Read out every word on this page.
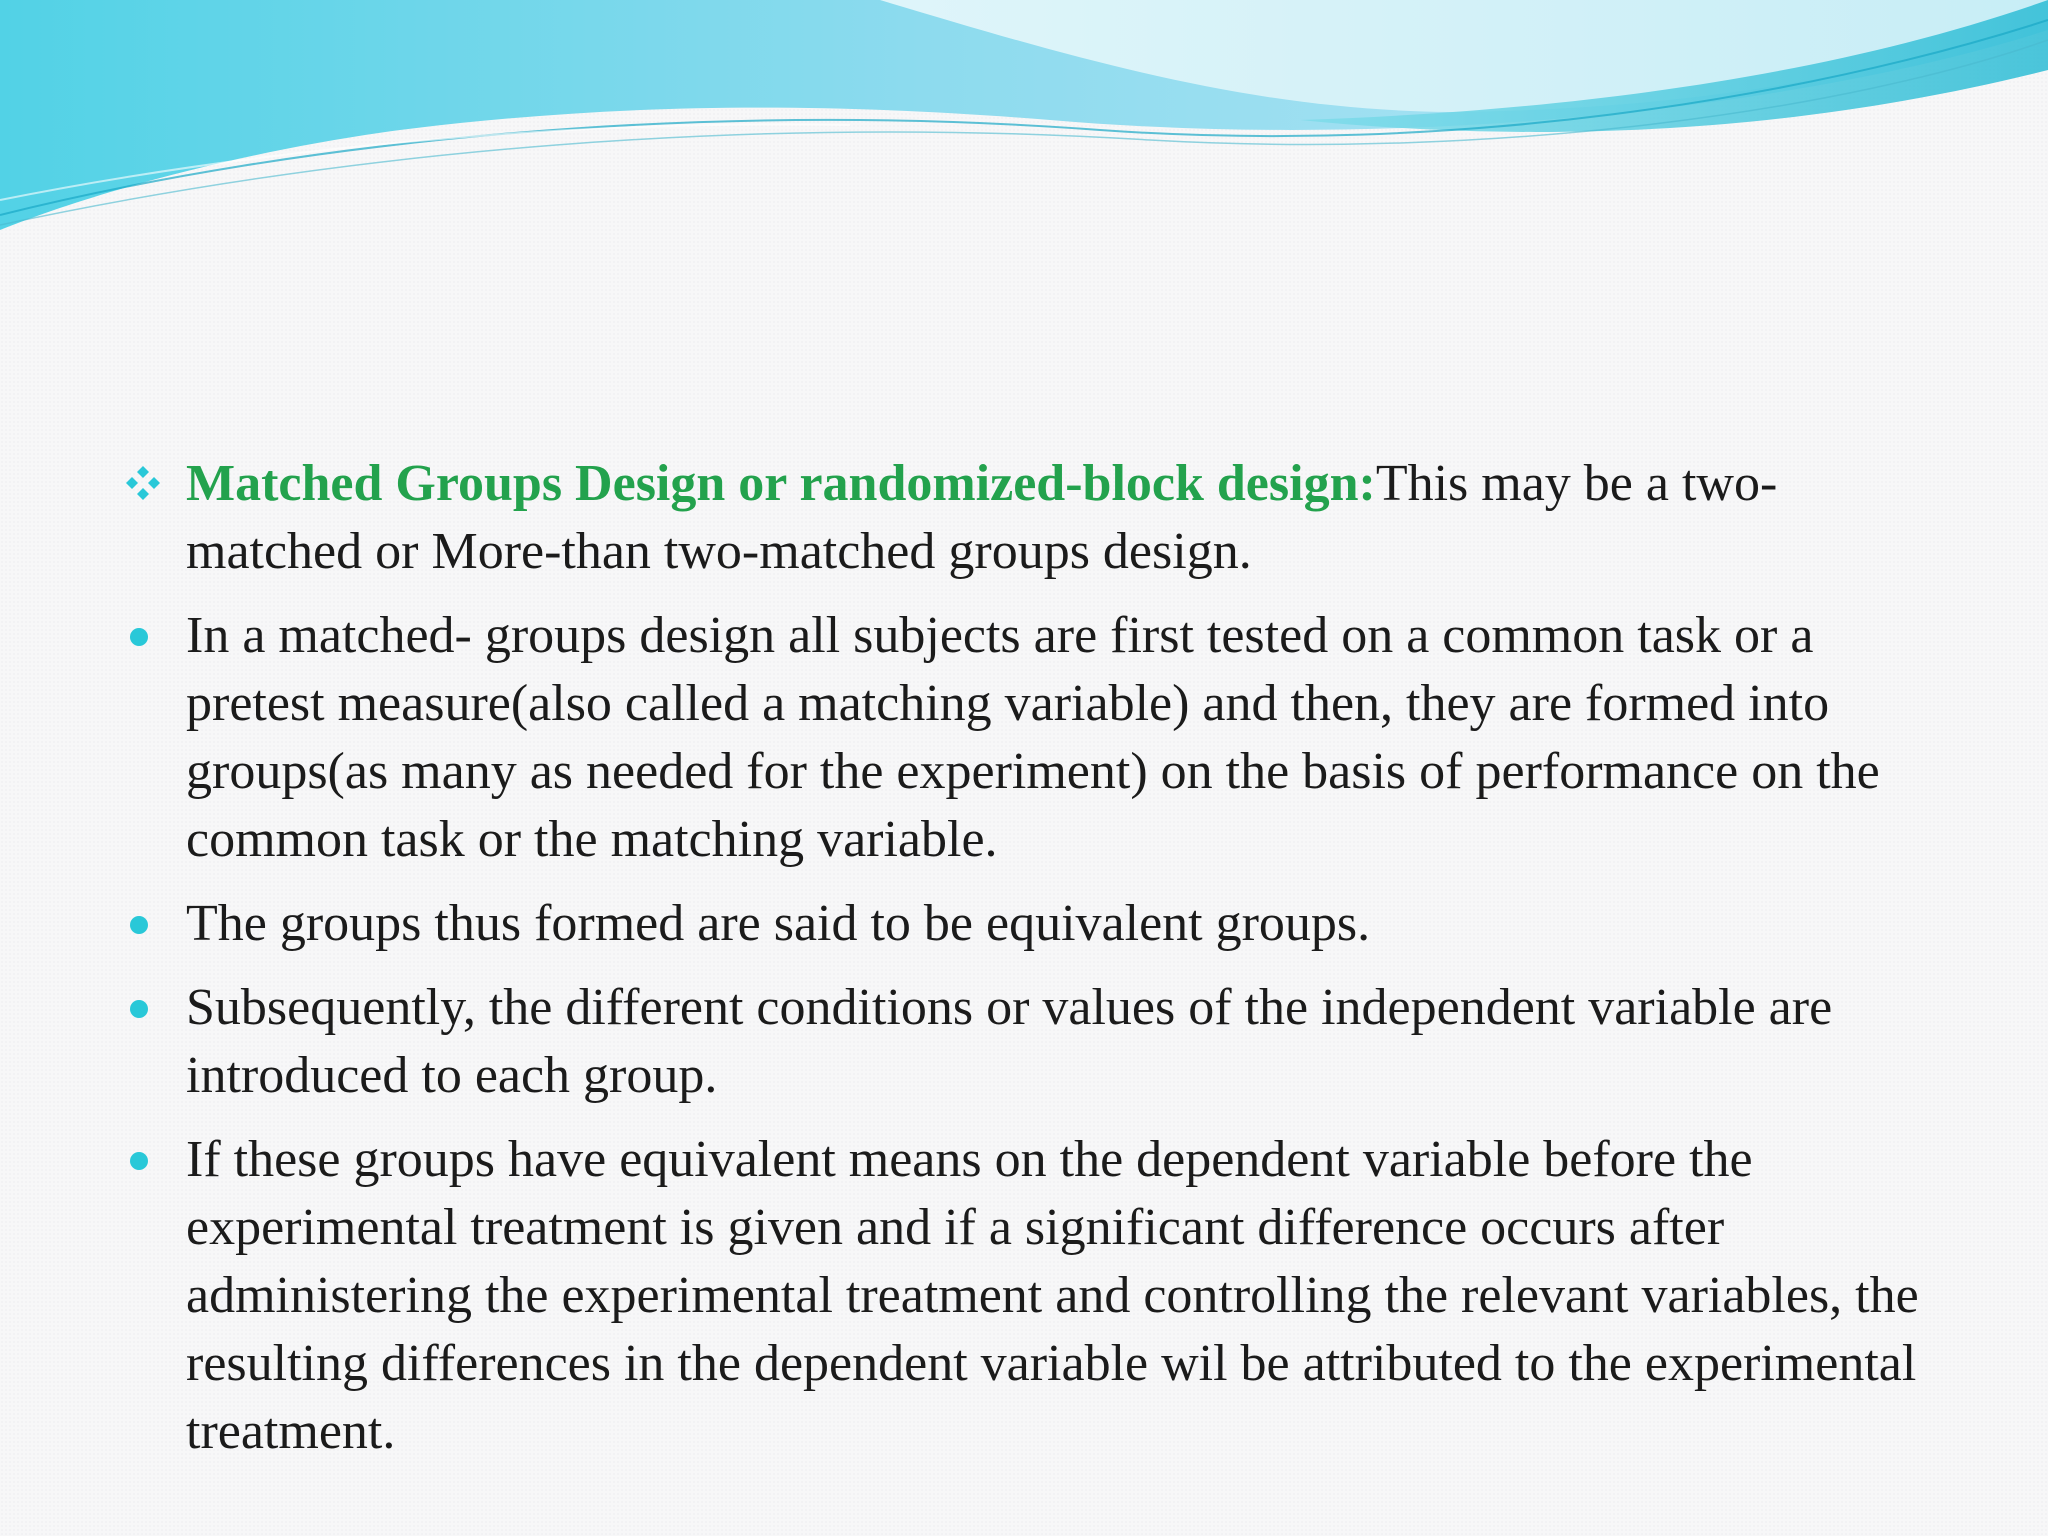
Matched Groups Design or randomized-block design:This may be a two-matched or More-than two-matched groups design.
In a matched- groups design all subjects are first tested on a common task or a pretest measure(also called a matching variable) and then, they are formed into groups(as many as needed for the experiment) on the basis of performance on the common task or the matching variable.
The groups thus formed are said to be equivalent groups.
Subsequently, the different conditions or values of the independent variable are introduced to each group.
If these groups have equivalent means on the dependent variable before the experimental treatment is given and if a significant difference occurs after administering the experimental treatment and controlling the relevant variables, the resulting differences in the dependent variable wil be attributed to the experimental treatment.
